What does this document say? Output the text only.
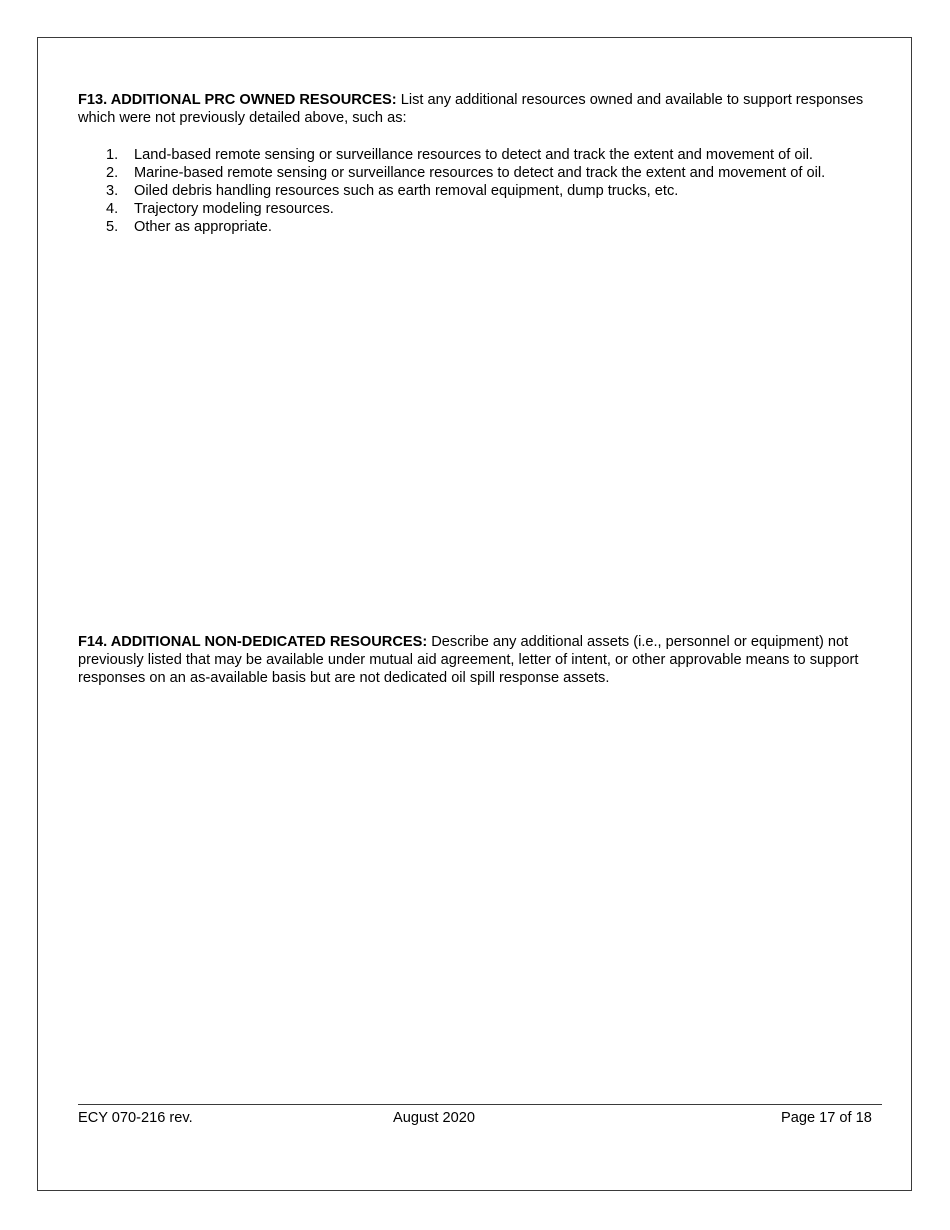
F13. ADDITIONAL PRC OWNED RESOURCES: List any additional resources owned and available to support responses which were not previously detailed above, such as:

1. Land-based remote sensing or surveillance resources to detect and track the extent and movement of oil.
2. Marine-based remote sensing or surveillance resources to detect and track the extent and movement of oil.
3. Oiled debris handling resources such as earth removal equipment, dump trucks, etc.
4. Trajectory modeling resources.
5. Other as appropriate.

F14. ADDITIONAL NON-DEDICATED RESOURCES: Describe any additional assets (i.e., personnel or equipment) not previously listed that may be available under mutual aid agreement, letter of intent, or other approvable means to support responses on an as-available basis but are not dedicated oil spill response assets.

ECY 070-216 rev.	August 2020	Page 17 of 18
